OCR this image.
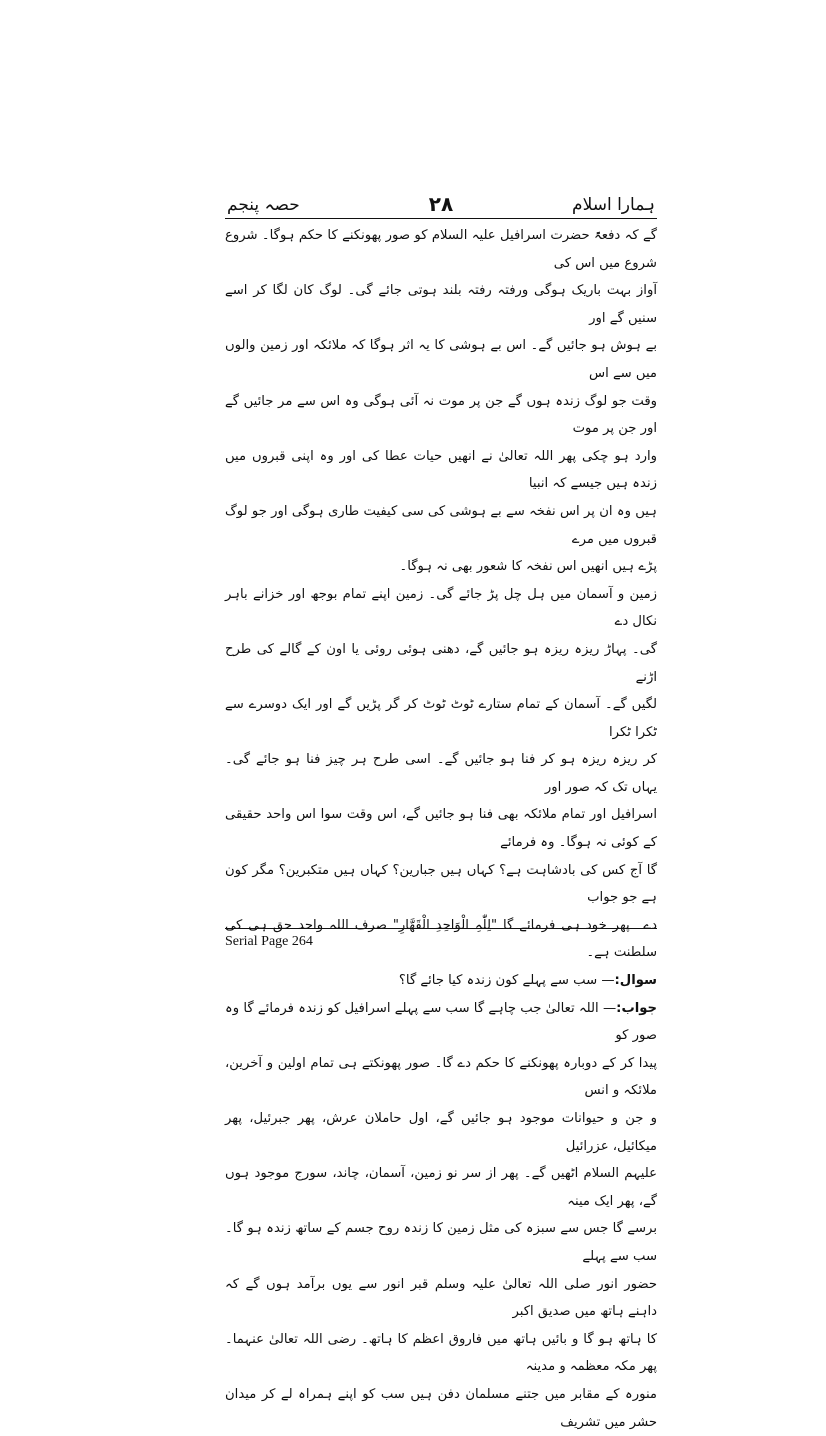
ہمارا اسلام
۲۸
حصہ پنجم

گے کہ دفعۃً حضرت اسرافیل علیہ السلام کو صور پھونکنے کا حکم ہوگا۔ شروع شروع میں اس کی

آواز بہت باریک ہوگی ورفتہ رفتہ بلند ہوتی جائے گی۔ لوگ کان لگا کر اسے سنیں گے اور

بے ہوش ہو جائیں گے۔ اس بے ہوشی کا یہ اثر ہوگا کہ ملائکہ اور زمین والوں میں سے اس

وقت جو لوگ زندہ ہوں گے جن پر موت نہ آئی ہوگی وہ اس سے مر جائیں گے اور جن پر موت

وارد ہو چکی پھر اللہ تعالیٰ نے انھیں حیات عطا کی اور وہ اپنی قبروں میں زندہ ہیں جیسے کہ انبیا

ہیں وہ ان پر اس نفخہ سے بے ہوشی کی سی کیفیت طاری ہوگی اور جو لوگ قبروں میں مرے

پڑے ہیں انھیں اس نفخہ کا شعور بھی نہ ہوگا۔

زمین و آسمان میں ہل چل پڑ جائے گی۔ زمین اپنے تمام بوجھ اور خزانے باہر نکال دے

گی۔ پہاڑ ریزہ ریزہ ہو جائیں گے، دھنی ہوئی روئی یا اون کے گالے کی طرح اڑنے

لگیں گے۔ آسمان کے تمام ستارے ٹوٹ ٹوٹ کر گر پڑیں گے اور ایک دوسرے سے ٹکرا ٹکرا

کر ریزہ ریزہ ہو کر فنا ہو جائیں گے۔ اسی طرح ہر چیز فنا ہو جائے گی۔ یہاں تک کہ صور اور

اسرافیل اور تمام ملائکہ بھی فنا ہو جائیں گے، اس وقت سوا اس واحد حقیقی کے کوئی نہ ہوگا۔ وہ فرمائے

گا آج کس کی بادشاہت ہے؟ کہاں ہیں جبارین؟ کہاں ہیں متکبرین؟ مگر کون ہے جو جواب

دے۔ پھر خود ہی فرمائے گا "لِلّٰہِ الْوَاحِدِ الْقَھَّارِ" صرف اللہ واحد حق ہی کی سلطنت ہے۔

سوال:— سب سے پہلے کون زندہ کیا جائے گا؟

جواب:— اللہ تعالیٰ جب چاہے گا سب سے پہلے اسرافیل کو زندہ فرمائے گا وہ صور کو

پیدا کر کے دوبارہ پھونکنے کا حکم دے گا۔ صور پھونکتے ہی تمام اولین و آخرین، ملائکہ و انس

و جن و حیوانات موجود ہو جائیں گے، اول حاملان عرش، پھر جبرئیل، پھر میکائیل، عزرائیل

علیہم السلام اٹھیں گے۔ پھر از سر نو زمین، آسمان، چاند، سورج موجود ہوں گے، پھر ایک مینہ

برسے گا جس سے سبزہ کی مثل زمین کا زندہ روح جسم کے ساتھ زندہ ہو گا۔ سب سے پہلے

حضور انور صلی اللہ تعالیٰ علیہ وسلم قبر انور سے یوں برآمد ہوں گے کہ داہنے ہاتھ میں صدیق اکبر

کا ہاتھ ہو گا و بائیں ہاتھ میں فاروق اعظم کا ہاتھ۔ رضی اللہ تعالیٰ عنہما۔ پھر مکہ معظمہ و مدینہ

منورہ کے مقابر میں جتنے مسلمان دفن ہیں سب کو اپنے ہمراہ لے کر میدان حشر میں تشریف

Serial Page 264
